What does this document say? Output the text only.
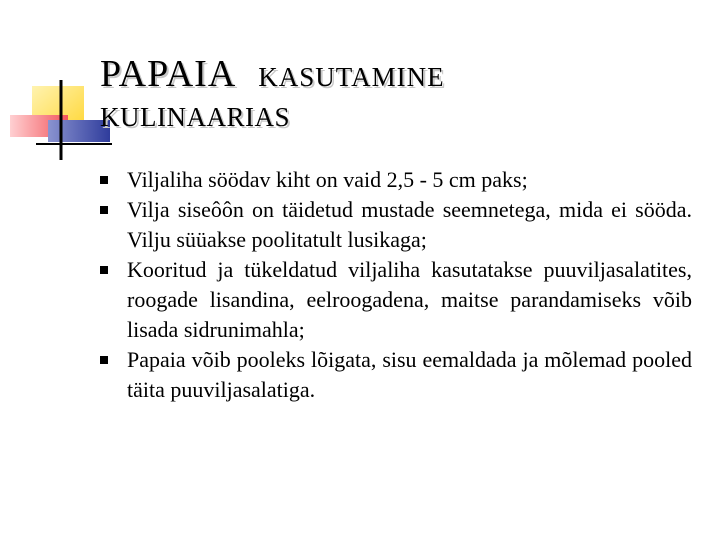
PAPAIA KASUTAMINE
KULINAARIAS
Viljaliha söödav kiht on vaid 2,5 - 5 cm paks;
Vilja siseôôn on täidetud mustade seemnetega, mida ei sööda. Vilju süüakse poolitatult lusikaga;
Kooritud ja tükeldatud viljaliha kasutatakse puuviljasalatites, roogade lisandina, eelroogadena, maitse parandamiseks võib lisada sidrunimahla;
Papaia võib pooleks lõigata, sisu eemaldada ja mõlemad pooled täita puuviljasalatiga.
